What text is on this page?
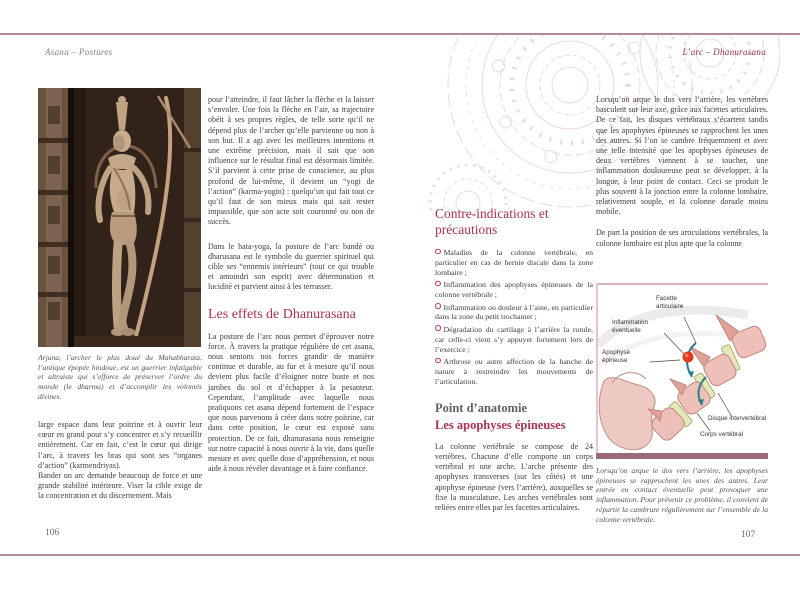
Asana – Postures	L’arc – Dhanurasana
Arjuna, l’archer le plus doué du Mahabharata, l’antique épopée hindoue, est un guerrier infatigable et altruiste qui s’efforce de préserver l’ordre du monde (le dharma) et d’accomplir les volontés divines.

large espace dans leur poitrine et à ouvrir leur cœur en grand pour s’y concentrer et s’y recueillir entièrement. Car en fait, c’est le cœur qui dirige l’arc, à travers les bras qui sont ses “organes d’action” (karmendriyas).

Bander un arc demande beaucoup de force et une grande stabilité intérieure. Viser la cible exige de la concentration et du discernement. Mais

pour l’atteindre, il faut lâcher la flèche et la laisser s’envoler. Une fois la flèche en l’air, sa trajectoire obéit à ses propres règles, de telle sorte qu’il ne dépend plus de l’archer qu’elle parvienne ou non à son but. Il a agi avec les meilleures intentions et une extrême précision, mais il sait que son influence sur le résultat final est désormais limitée. S’il parvient à cette prise de conscience, au plus profond de lui-même, il devient un “yogi de l’action” (karma-yogin) : quelqu’un qui fait tout ce qu’il faut de son mieux mais qui sait rester impassible, que son acte soit couronné ou non de succès.

Dans le hata-yoga, la posture de l’arc bandé ou dharusana est le symbole du guerrier spirituel qui cible ses “ennemis intérieurs” (tout ce qui trouble et amoindri son esprit) avec détermination et lucidité et parvient ainsi à les terrasser.

Les effets de Dhanurasana

La posture de l’arc nous permet d’éprouver notre force. À travers la pratique régulière de cet asana, nous sentons nos forces grandir de manière continue et durable, au fur et à mesure qu’il nous devient plus facile d’éloigner notre buste et nos jambes du sol et d’échapper à la pesanteur. Cependant, l’amplitude avec laquelle nous pratiquons cet asana dépend fortement de l’espace que nous parvenons à créer dans notre poitrine, car dans cette position, le cœur est exposé sans protection. De ce fait, dhanurasana nous renseigne sur notre capacité à nous ouvrir à la vie, dans quelle mesure et avec quelle dose d’appréhension, et nous aide à nous révéler davantage et à faire confiance.

106
Contre-indications et précautions
Maladies de la colonne vertébrale, en particulier en cas de hernie discale dans la zone lombaire ;
Inflammation des apophyses épineuses de la colonne vertébrale ;
Inflammation ou douleur à l’aine, en particulier dans la zone du petit trochanter ;
Dégradation du cartilage à l’arrière la rotule, car celle-ci vient s’y appuyer fortement lors de l’exercice ;
Arthrose ou autre affection de la hanche de nature à restreindre les mouvements de l’articulation.
Point d’anatomie
Les apophyses épineuses

La colonne vertébrale se compose de 24 vertèbres. Chacune d’elle comporte un corps vertébral et une arche. L’arche présente des apophyses transverses (sur les côtés) et une apophyse épineuse (vers l’arrière), auxquelles se fixe la musculature. Les arches vertébrales sont reliées entre elles par les facettes articulaires.

Lorsqu’on arque le dos vers l’arrière, les vertèbres basculent sur leur axe, grâce aux facettes articulaires. De ce fait, les disques vertébraux s’écartent tandis que les apophyses épineuses se rapprochent les unes des autres. Si l’on se cambre fréquemment et avec une telle intensité que les apophyses épineuses de deux vertèbres viennent à se toucher, une inflammation douloureuse peut se développer, à la longue, à leur point de contact. Ceci se produit le plus souvent à la jonction entre la colonne lombaire, relativement souple, et la colonne dorsale moins mobile.

De part la position de ses articulations vertébrales, la colonne lombaire est plus apte que la colonne

Facette articulaire
Inflammation éventuelle
Apophyse épineuse
Disque intervertébral
Corps vertébral
Lorsqu’on arque le dos vers l’arrière, les apophyses épineuses se rapprochent les unes des autres. Leur entrée en contact éventuelle peut provoquer une inflammation. Pour prévenir ce problème, il convient de répartir la cambrure régulièrement sur l’ensemble de la colonne vertébrale.
107
